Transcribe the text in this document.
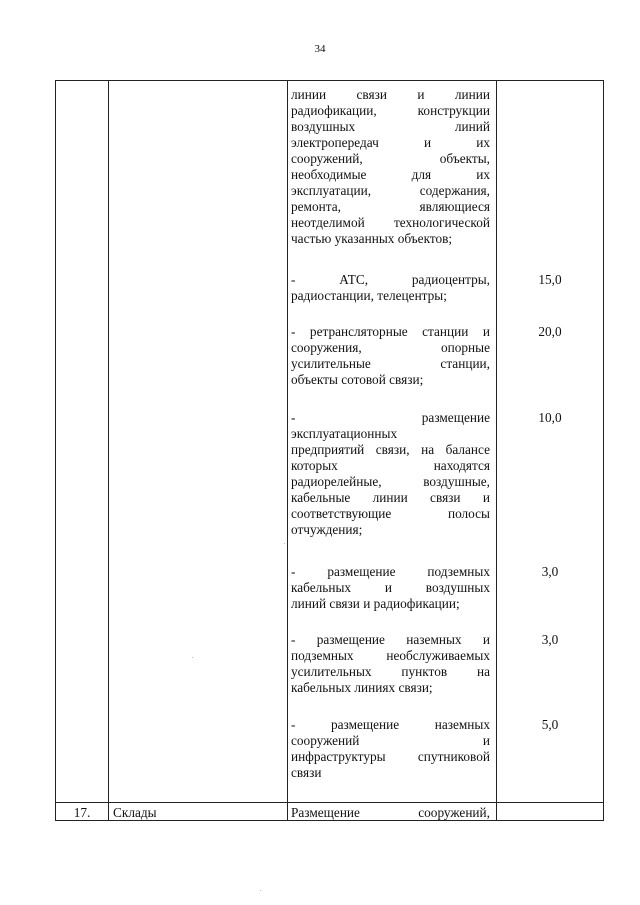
34
линии связи и линии
радиофикации, конструкции
воздушных линий
электропередач и их
сооружений, объекты,
необходимые для их
эксплуатации, содержания,
ремонта, являющиеся
неотделимой технологической
частью указанных объектов;
- АТС, радиоцентры,
радиостанции, телецентры;
15,0
- ретрансляторные станции и
сооружения, опорные
усилительные станции,
объекты сотовой связи;
20,0
- размещение
эксплуатационных
предприятий связи, на балансе
которых находятся
радиорелейные, воздушные,
кабельные линии связи и
соответствующие полосы
отчуждения;
10,0
- размещение подземных
кабельных и воздушных
линий связи и радиофикации;
3,0
- размещение наземных и
подземных необслуживаемых
усилительных пунктов на
кабельных линиях связи;
3,0
- размещение наземных
сооружений и
инфраструктуры спутниковой
связи
5,0
17.	Склады	Размещение сооружений,
